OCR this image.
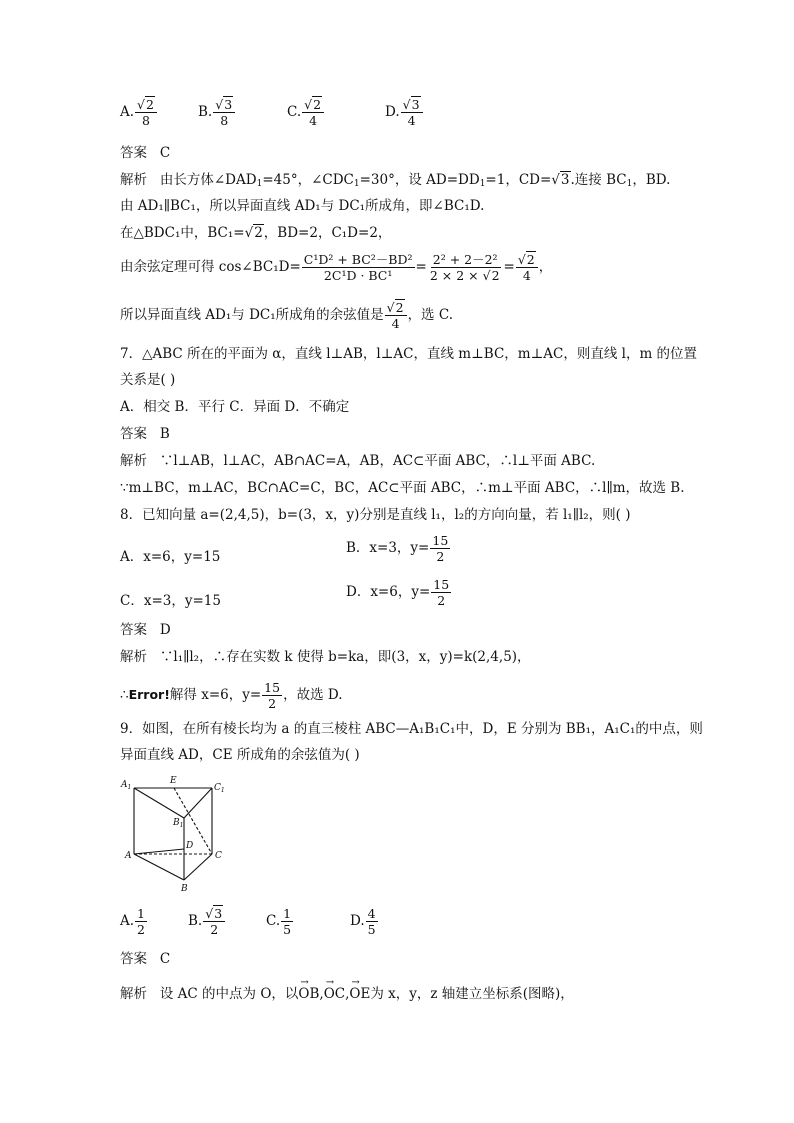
A. $\frac{√2}{8}$	B. $\frac{√3}{8}$	C. $\frac{√2}{4}$	D. $\frac{√3}{4}$
答案 C
解析 由长方体$\angle DAD_1=45^\circ$，$\angle CDC_1=30^\circ$，设 $AD=DD_1=1$，CD=√3.连接 $BC_1$，BD.
由 AD₁∥BC₁，所以异面直线 AD₁与 DC₁所成角，即∠BC₁D.
在△BDC₁中，BC₁=√2，BD=2，C₁D=2，
由余弦定理可得 cos∠BC₁D= $\frac{\text{C¹D² + BC²－BD²}}{\text{2C¹D · BC¹}} = \frac{\text{2² + 2－2²}}{2 \times 2 \times √2} = \frac{√2}{4}$ ，
所以异面直线 AD₁与 DC₁所成角的余弦值是 $\frac{√2}{4}$ ，选 C.
7．△ABC 所在的平面为 α，直线 l⊥AB，l⊥AC，直线 m⊥BC，m⊥AC，则直线 l，m 的位置
关系是( )
A．相交 B．平行 C．异面 D．不确定
答案 B
解析 ∵l⊥AB，l⊥AC，AB∩AC=A，AB，AC⊂平面 ABC，∴l⊥平面 ABC.
∵m⊥BC，m⊥AC，BC∩AC=C，BC，AC⊂平面 ABC，∴m⊥平面 ABC，∴l∥m，故选 B.
8．已知向量 a=(2,4,5)，b=(3，x，y)分别是直线 l₁，l₂的方向向量，若 l₁∥l₂，则( )
A．x=6，y=15
B．x=3，$y= \frac{15}{2}$
C．x=3，y=15
D．x=6，$y= \frac{15}{2}$
答案 D
解析 ∵l₁∥l₂，∴存在实数 k 使得 b=ka，即(3，x，y)=k(2,4,5)，
∴Error!解得 x=6，$y= \frac{15}{2}$ ，故选 D.
9．如图，在所有棱长均为 a 的直三棱柱 ABC—A₁B₁C₁中，D，E 分别为 BB₁，A₁C₁的中点，则
异面直线 AD，CE 所成角的余弦值为( )
$A_1$
E
$C_1$
$B_1$
D
A	C
B
A. $\frac{1}{2}$	B. $\frac{√3}{2}$	C. $\frac{1}{5}$	D. $\frac{4}{5}$
答案 C
解析 设 AC 的中点为 O，以→ OB,→ OC,→ OE为 x，y，z 轴建立坐标系(图略)，
